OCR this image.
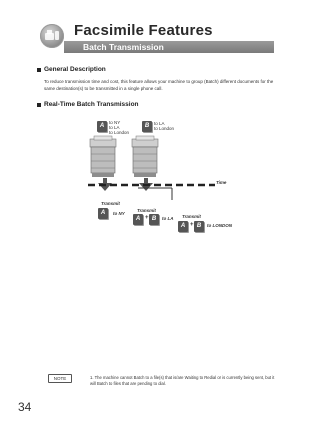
Facsimile Features
Batch Transmission
General Description
To reduce transmission time and cost, this feature allows your machine to group (Batch) different documents for the same destination(s) to be transmitted in a single phone call.
Real-Time Batch Transmission
A
to NY
to LA
to London
B	to LA
to London
Time
Transmit
A	to NY
Transmit
A + B	to LA Transmit
A + B	to LONDON
NOTE	1. The machine cannot Batch to a file(s) that is/are Waiting to Redial or is currently being sent, but it will Batch to files that are pending to dial.
34
